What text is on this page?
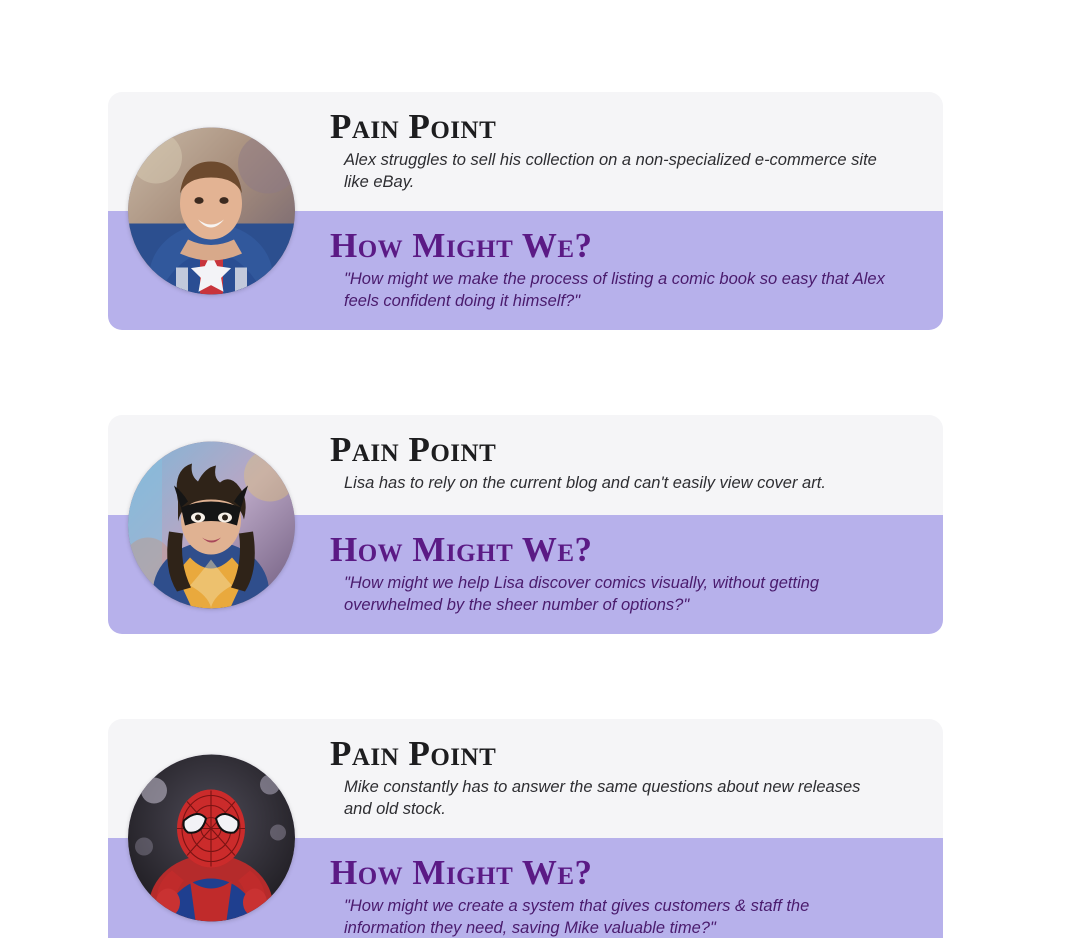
Pain Point

Alex struggles to sell his collection on a non-specialized e-commerce site like eBay.

How Might We?

"How might we make the process of listing a comic book so easy that Alex feels confident doing it himself?"

Pain Point

Lisa has to rely on the current blog and can't easily view cover art.

How Might We?

"How might we help Lisa discover comics visually, without getting overwhelmed by the sheer number of options?"

Pain Point

Mike constantly has to answer the same questions about new releases and old stock.

How Might We?

"How might we create a system that gives customers & staff the information they need, saving Mike valuable time?"
